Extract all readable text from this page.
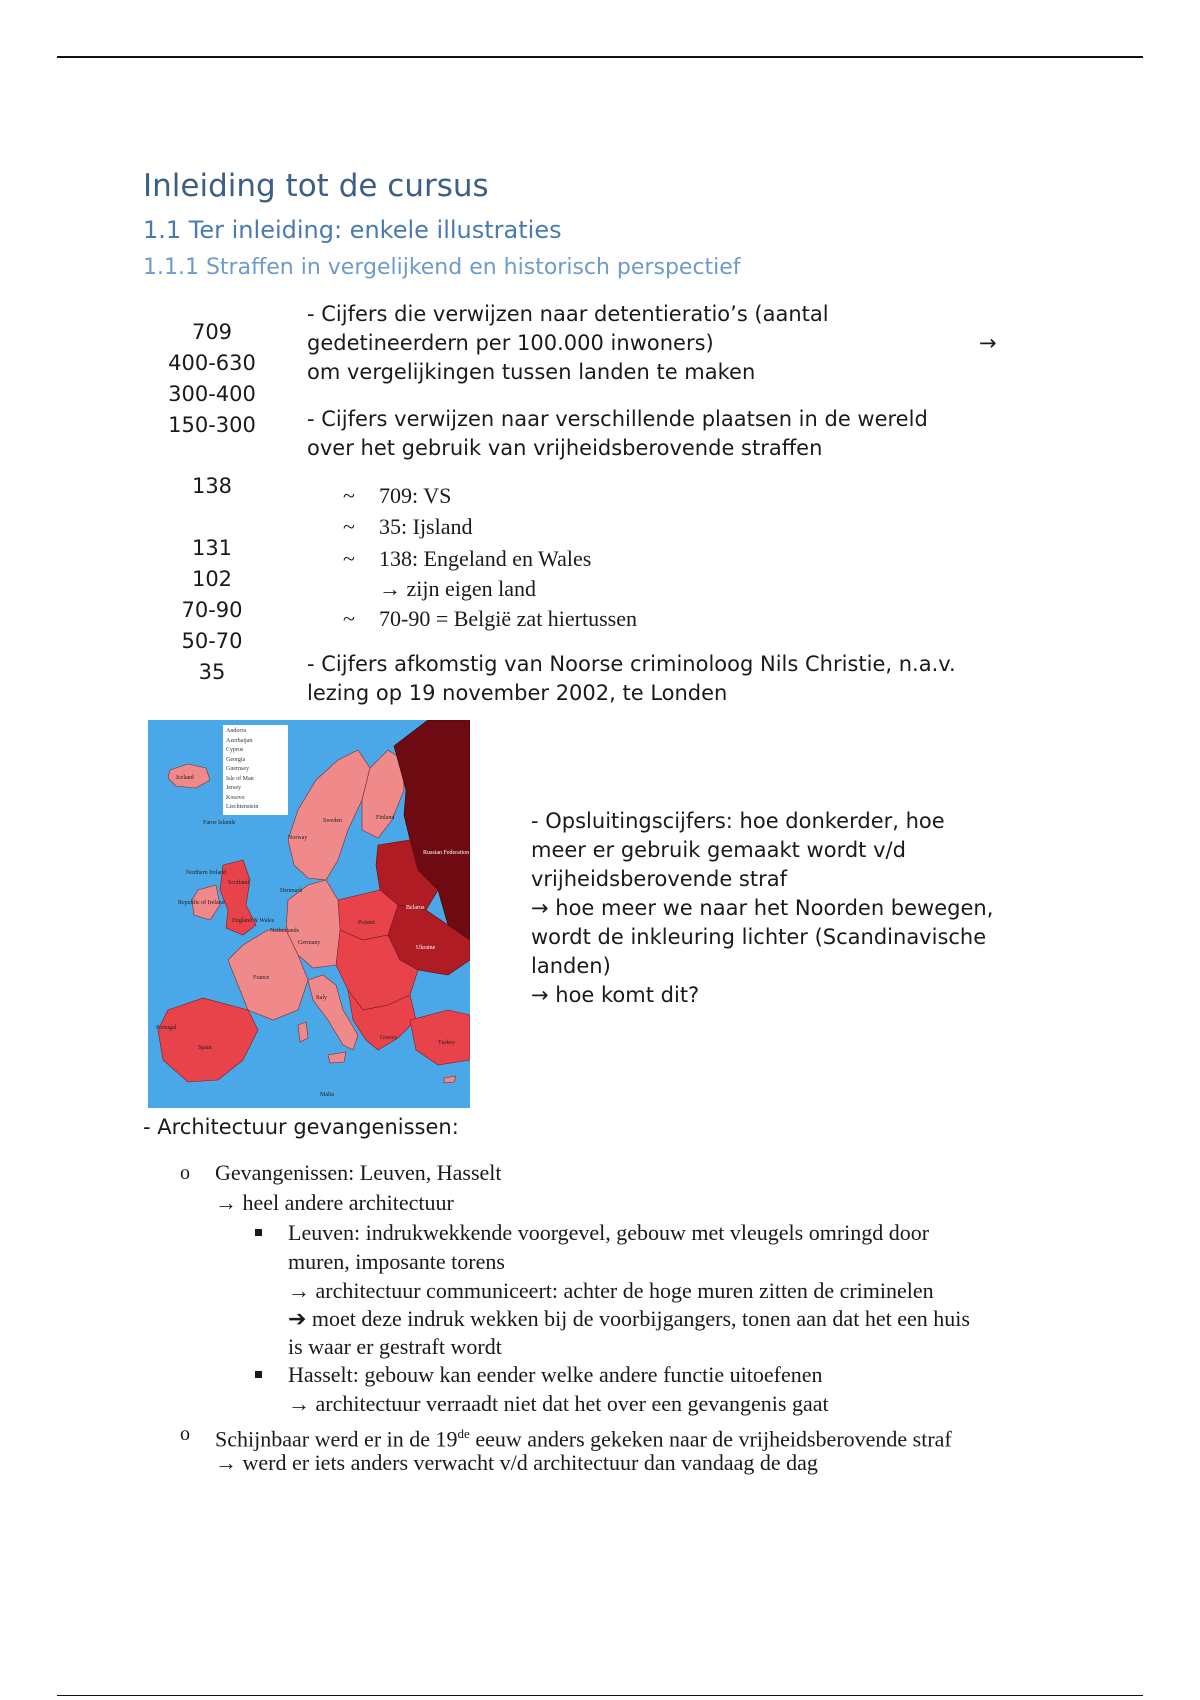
Inleiding tot de cursus
1.1 Ter inleiding: enkele illustraties
1.1.1 Straffen in vergelijkend en historisch perspectief
709
400-630
300-400
150-300
138
131
102
70-90
50-70
35
- Cijfers die verwijzen naar detentieratio’s (aantal
gedetineerdern per 100.000 inwoners)	→
om vergelijkingen tussen landen te maken
- Cijfers verwijzen naar verschillende plaatsen in de wereld
over het gebruik van vrijheidsberovende straffen
~ 709: VS
~ 35: Ijsland
~ 138: Engeland en Wales
→ zijn eigen land
~ 70-90 = België zat hiertussen
- Cijfers afkomstig van Noorse criminoloog Nils Christie, n.a.v.
lezing op 19 november 2002, te Londen
Andorra
Azerbaijan
Cyprus
Georgia
Guernsey
Isle of Man
Jersey
Kosovo
Liechtenstein
Iceland
Faroe Islands
Norway
Sweden	Finland
Russian Federation
Belarus
Ukraine
Poland
Germany
France
Spain
Portugal
Italy
Scotland
Northern Ireland
Republic of Ireland
England & Wales
Denmark
Netherlands
Greece
Turkey
Malta
- Opsluitingscijfers: hoe donkerder, hoe
meer er gebruik gemaakt wordt v/d
vrijheidsberovende straf
→ hoe meer we naar het Noorden bewegen,
wordt de inkleuring lichter (Scandinavische
landen)
→ hoe komt dit?
- Architectuur gevangenissen:
o Gevangenissen: Leuven, Hasselt
→ heel andere architectuur
Leuven: indrukwekkende voorgevel, gebouw met vleugels omringd door
muren, imposante torens
→ architectuur communiceert: achter de hoge muren zitten de criminelen
➔ moet deze indruk wekken bij de voorbijgangers, tonen aan dat het een huis
is waar er gestraft wordt
Hasselt: gebouw kan eender welke andere functie uitoefenen
→ architectuur verraadt niet dat het over een gevangenis gaat
o Schijnbaar werd er in de 19de eeuw anders gekeken naar de vrijheidsberovende straf
→ werd er iets anders verwacht v/d architectuur dan vandaag de dag
